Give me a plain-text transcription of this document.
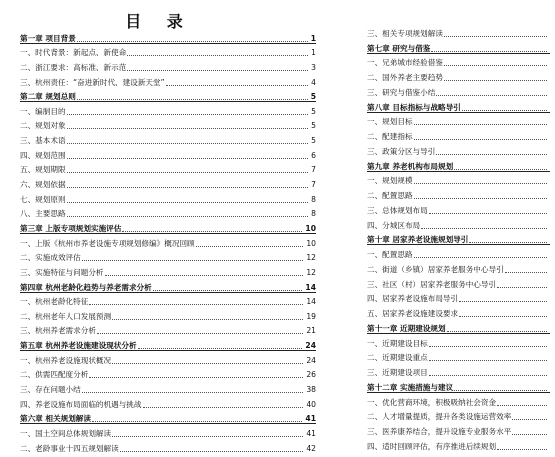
目 录
第一章 项目背景	1
一、时代背景：新起点、新使命	1
二、浙江要求：高标准、新示范	3
三、杭州责任：“奋进新时代、建设新天堂”	4
第二章 规划总则	5
一、编制目的	5
二、规划对象	5
三、基本术语	5
四、规划范围	6
五、规划期限	7
六、规划依据	7
七、规划原则	8
八、主要思路	8
第三章 上版专项规划实施评估	10
一、上版《杭州市养老设施专项规划修编》概况回顾	10
二、实施成效评估	12
三、实施特征与问题分析	12
第四章 杭州老龄化趋势与养老需求分析	14
一、杭州老龄化特征	14
二、杭州老年人口发展预测	19
三、杭州养老需求分析	21
第五章 杭州养老设施建设现状分析	24
一、杭州养老设施现状概况	24
二、供需匹配度分析	26
三、存在问题小结	38
四、养老设施布局面临的机遇与挑战	40
第六章 相关规划解读	41
一、国土空间总体规划解读	41
二、老龄事业十四五规划解读	42
三、相关专项规划解读
第七章 研究与借鉴
一、兄弟城市经验借鉴
二、国外养老主要趋势
三、研究与借鉴小结
第八章 目标指标与战略导引
一、规划目标
二、配建指标
三、政策分区与导引
第九章 养老机构布局规划
一、规划规模
二、配置思路
三、总体规划布局
四、分城区布局
第十章 居家养老设施规划导引
一、配置思路
二、街道（乡镇）居家养老服务中心导引
三、社区（村）居家养老服务中心导引
四、居家养老设施布局导引
五、居家养老设施建设要求
第十一章 近期建设规划
一、近期建设目标
二、近期建设重点
三、近期建设项目
第十二章 实施措施与建议
一、优化营商环境，积极吸纳社会资金
二、人才增量提质，提升各类设施运营效率
三、医养康养结合，提升设施专业服务水平
四、适时回顾评估，有序推进后续规划
